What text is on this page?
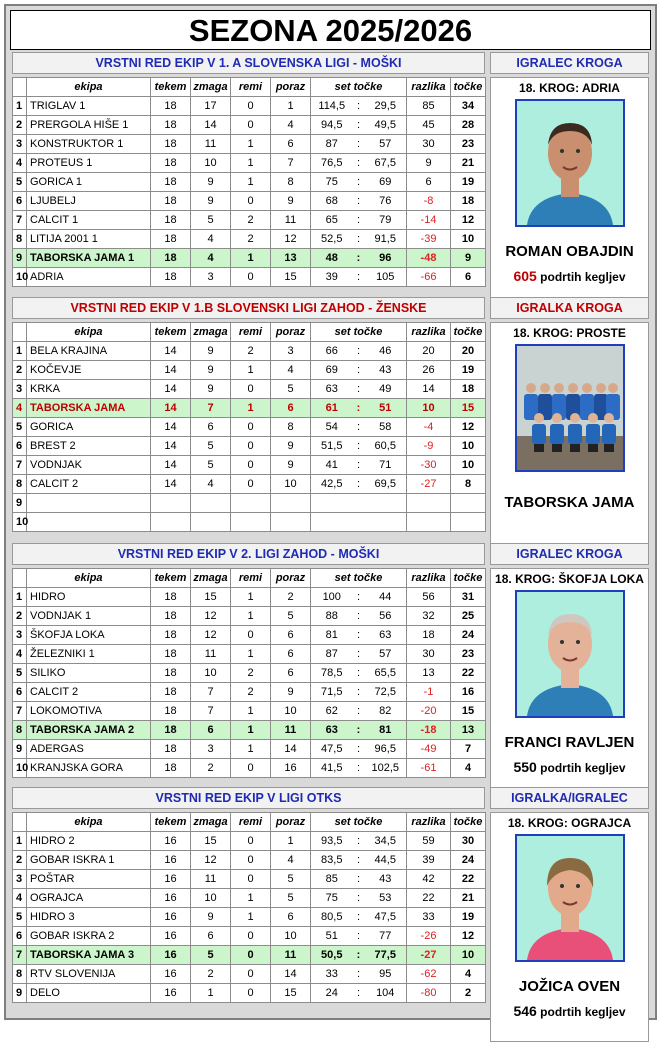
SEZONA 2025/2026
VRSTNI RED EKIP V 1. A SLOVENSKA LIGI - MOŠKI	IGRALEC KROGA
	ekipa	tekem	zmaga	remi	poraz	set točke			razlika	točke
1	TRIGLAV 1	18	17	0	1	114,5	:	29,5	85	34
2	PRERGOLA HIŠE 1	18	14	0	4	94,5	:	49,5	45	28
3	KONSTRUKTOR 1	18	11	1	6	87	:	57	30	23
4	PROTEUS 1	18	10	1	7	76,5	:	67,5	9	21
5	GORICA 1	18	9	1	8	75	:	69	6	19
6	LJUBELJ	18	9	0	9	68	:	76	-8	18
7	CALCIT 1	18	5	2	11	65	:	79	-14	12
8	LITIJA 2001 1	18	4	2	12	52,5	:	91,5	-39	10
9	TABORSKA JAMA 1	18	4	1	13	48	:	96	-48	9
10	ADRIA	18	3	0	15	39	:	105	-66	6
18. KROG: ADRIA
ROMAN OBAJDIN
605 podrtih kegljev
VRSTNI RED EKIP V 1.B SLOVENSKI LIGI ZAHOD - ŽENSKE	IGRALKA KROGA
	ekipa	tekem	zmaga	remi	poraz	set točke			razlika	točke
1	BELA KRAJINA	14	9	2	3	66	:	46	20	20
2	KOČEVJE	14	9	1	4	69	:	43	26	19
3	KRKA	14	9	0	5	63	:	49	14	18
4	TABORSKA JAMA	14	7	1	6	61	:	51	10	15
5	GORICA	14	6	0	8	54	:	58	-4	12
6	BREST 2	14	5	0	9	51,5	:	60,5	-9	10
7	VODNJAK	14	5	0	9	41	:	71	-30	10
8	CALCIT 2	14	4	0	10	42,5	:	69,5	-27	8
9										
10										
18. KROG: PROSTE
TABORSKA JAMA
VRSTNI RED EKIP V 2. LIGI ZAHOD - MOŠKI	IGRALEC KROGA
	ekipa	tekem	zmaga	remi	poraz	set točke			razlika	točke
1	HIDRO	18	15	1	2	100	:	44	56	31
2	VODNJAK 1	18	12	1	5	88	:	56	32	25
3	ŠKOFJA LOKA	18	12	0	6	81	:	63	18	24
4	ŽELEZNIKI 1	18	11	1	6	87	:	57	30	23
5	SILIKO	18	10	2	6	78,5	:	65,5	13	22
6	CALCIT 2	18	7	2	9	71,5	:	72,5	-1	16
7	LOKOMOTIVA	18	7	1	10	62	:	82	-20	15
8	TABORSKA JAMA 2	18	6	1	11	63	:	81	-18	13
9	ADERGAS	18	3	1	14	47,5	:	96,5	-49	7
10	KRANJSKA GORA	18	2	0	16	41,5	:	102,5	-61	4
18. KROG: ŠKOFJA LOKA
FRANCI RAVLJEN
550 podrtih kegljev
VRSTNI RED EKIP V LIGI OTKS	IGRALKA/IGRALEC
	ekipa	tekem	zmaga	remi	poraz	set točke			razlika	točke
1	HIDRO 2	16	15	0	1	93,5	:	34,5	59	30
2	GOBAR ISKRA 1	16	12	0	4	83,5	:	44,5	39	24
3	POŠTAR	16	11	0	5	85	:	43	42	22
4	OGRAJCA	16	10	1	5	75	:	53	22	21
5	HIDRO 3	16	9	1	6	80,5	:	47,5	33	19
6	GOBAR ISKRA 2	16	6	0	10	51	:	77	-26	12
7	TABORSKA JAMA 3	16	5	0	11	50,5	:	77,5	-27	10
8	RTV SLOVENIJA	16	2	0	14	33	:	95	-62	4
9	DELO	16	1	0	15	24	:	104	-80	2
18. KROG: OGRAJCA
JOŽICA OVEN
546 podrtih kegljev
